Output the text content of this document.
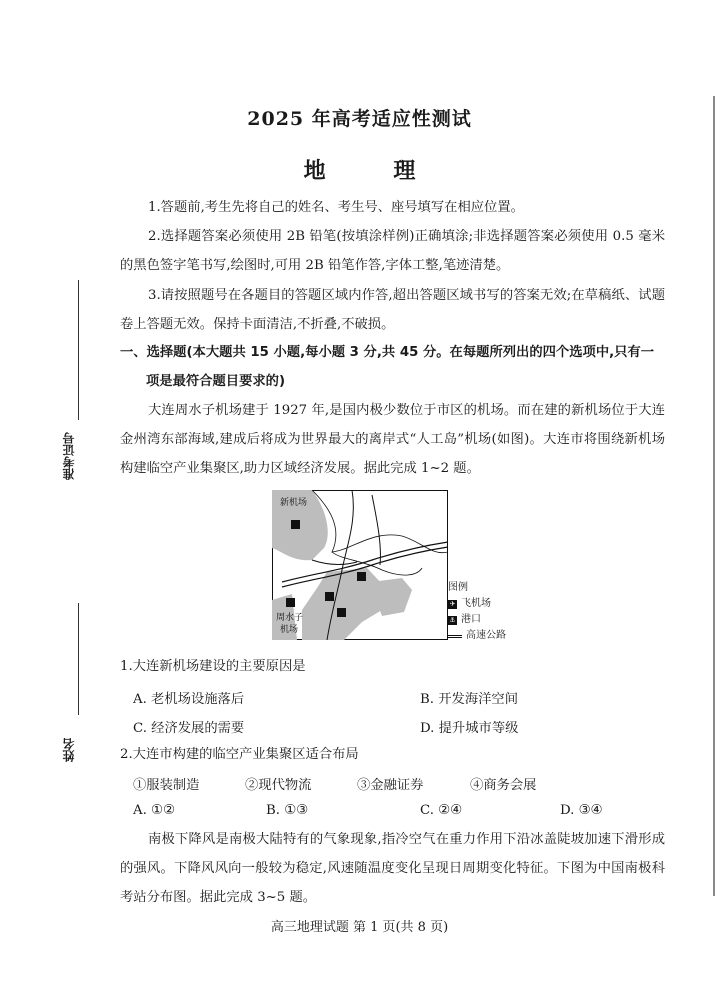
准考证号
姓名
2025 年高考适应性测试
地 理
1.答题前,考生先将自己的姓名、考生号、座号填写在相应位置。
2.选择题答案必须使用 2B 铅笔(按填涂样例)正确填涂;非选择题答案必须使用 0.5 毫米的黑色签字笔书写,绘图时,可用 2B 铅笔作答,字体工整,笔迹清楚。
3.请按照题号在各题目的答题区域内作答,超出答题区域书写的答案无效;在草稿纸、试题卷上答题无效。保持卡面清洁,不折叠,不破损。
一、选择题(本大题共 15 小题,每小题 3 分,共 45 分。在每题所列出的四个选项中,只有一
项是最符合题目要求的)
大连周水子机场建于 1927 年,是国内极少数位于市区的机场。而在建的新机场位于大连金州湾东部海域,建成后将成为世界最大的离岸式“人工岛”机场(如图)。大连市将围绕新机场构建临空产业集聚区,助力区域经济发展。据此完成 1~2 题。
新机场
周水子
机场
图例
✈ 飞机场
⚓ 港口
高速公路
1.大连新机场建设的主要原因是
A. 老机场设施落后	B. 开发海洋空间
C. 经济发展的需要	D. 提升城市等级
2.大连市构建的临空产业集聚区适合布局
①服装制造	②现代物流	③金融证券	④商务会展
A. ①②	B. ①③	C. ②④	D. ③④
南极下降风是南极大陆特有的气象现象,指冷空气在重力作用下沿冰盖陡坡加速下滑形成的强风。下降风风向一般较为稳定,风速随温度变化呈现日周期变化特征。下图为中国南极科考站分布图。据此完成 3~5 题。
高三地理试题 第 1 页(共 8 页)
